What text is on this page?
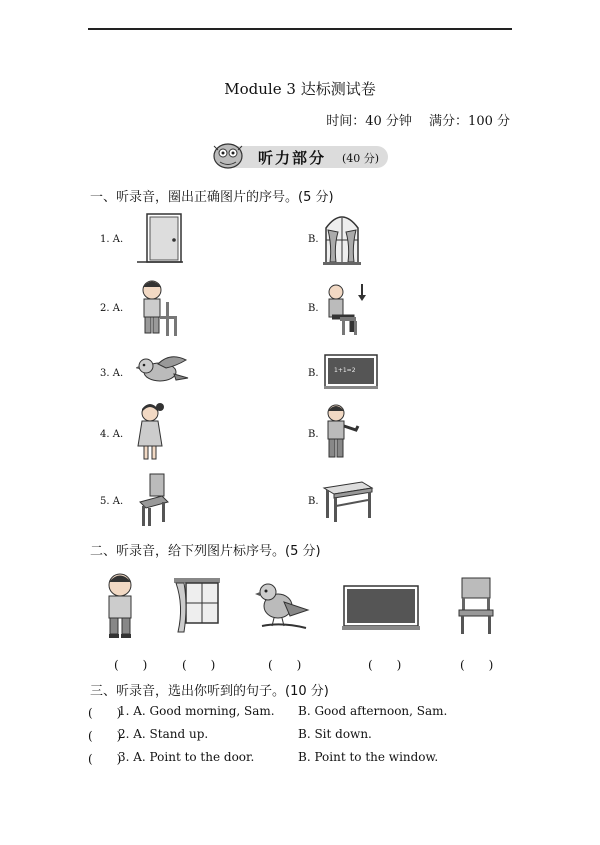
Module 3 达标测试卷
时间：40 分钟　 满分：100 分
听力部分 (40 分)
一、听录音，圈出正确图片的序号。(5 分)
1. A.	B.
2. A.	B.
3. A.	B.	1+1=2
4. A.	B.
5. A.	B.
二、听录音，给下列图片标序号。(5 分)
(　　)	(　　)	(　　)	(　　)	(　　)
三、听录音，选出你听到的句子。(10 分)
(　　)
1. A. Good morning, Sam. B. Good afternoon, Sam.
(　　)
2. A. Stand up.	B. Sit down.
(　　)
3. A. Point to the door.	B. Point to the window.
